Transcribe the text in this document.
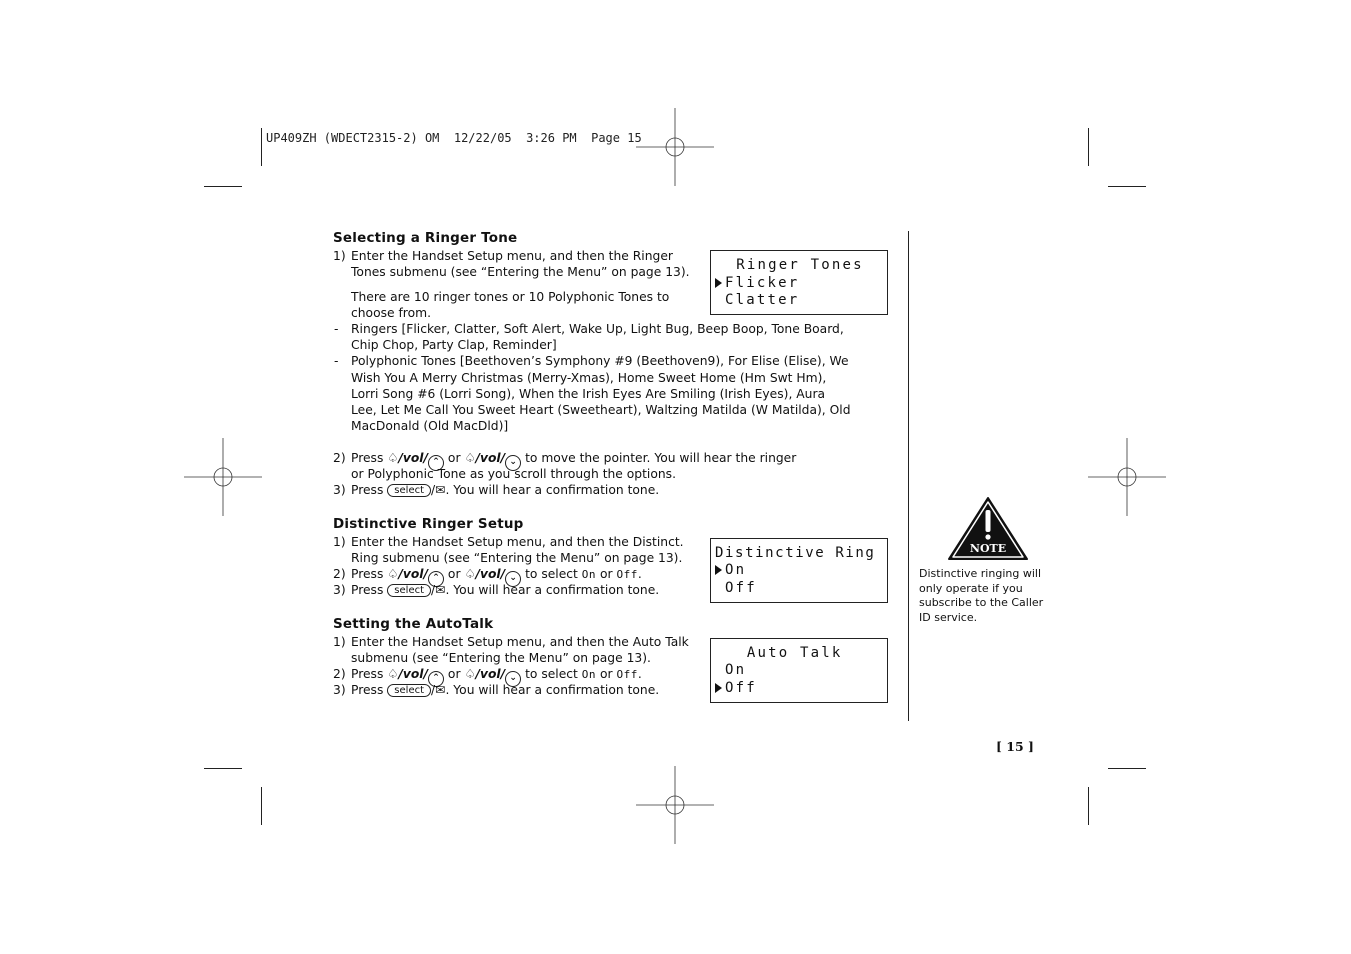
UP409ZH (WDECT2315-2) OM  12/22/05  3:26 PM  Page 15
Selecting a Ringer Tone
1) Enter the Handset Setup menu, and then the Ringer
Tones submenu (see “Entering the Menu” on page 13).
There are 10 ringer tones or 10 Polyphonic Tones to
choose from.
- Ringers [Flicker, Clatter, Soft Alert, Wake Up, Light Bug, Beep Boop, Tone Board,
Chip Chop, Party Clap, Reminder]
- Polyphonic Tones [Beethoven’s Symphony #9 (Beethoven9), For Elise (Elise), We
Wish You A Merry Christmas (Merry-Xmas), Home Sweet Home (Hm Swt Hm),
Lorri Song #6 (Lorri Song), When the Irish Eyes Are Smiling (Irish Eyes), Aura
Lee, Let Me Call You Sweet Heart (Sweetheart), Waltzing Matilda (W Matilda), Old
MacDonald (Old MacDld)]
2) Press ♤/vol/ ⌃ or ♤/vol/ ⌄ to move the pointer. You will hear the ringer
or Polyphonic Tone as you scroll through the options.
3) Press select /✉. You will hear a confirmation tone.
Ringer Tones
Flicker
Clatter
Distinctive Ringer Setup
1) Enter the Handset Setup menu, and then the Distinct.
Ring submenu (see “Entering the Menu” on page 13).
2) Press ♤/vol/ ⌃ or ♤/vol/ ⌄ to select On or Off.
3) Press select /✉. You will hear a confirmation tone.
Distinctive Ring
On
Off
Setting the AutoTalk
1) Enter the Handset Setup menu, and then the Auto Talk
submenu (see “Entering the Menu” on page 13).
2) Press ♤/vol/ ⌃ or ♤/vol/ ⌄ to select On or Off.
3) Press select /✉. You will hear a confirmation tone.
Auto Talk
On
Off
NOTE
Distinctive ringing will
only operate if you
subscribe to the Caller
ID service.
[ 15 ]
